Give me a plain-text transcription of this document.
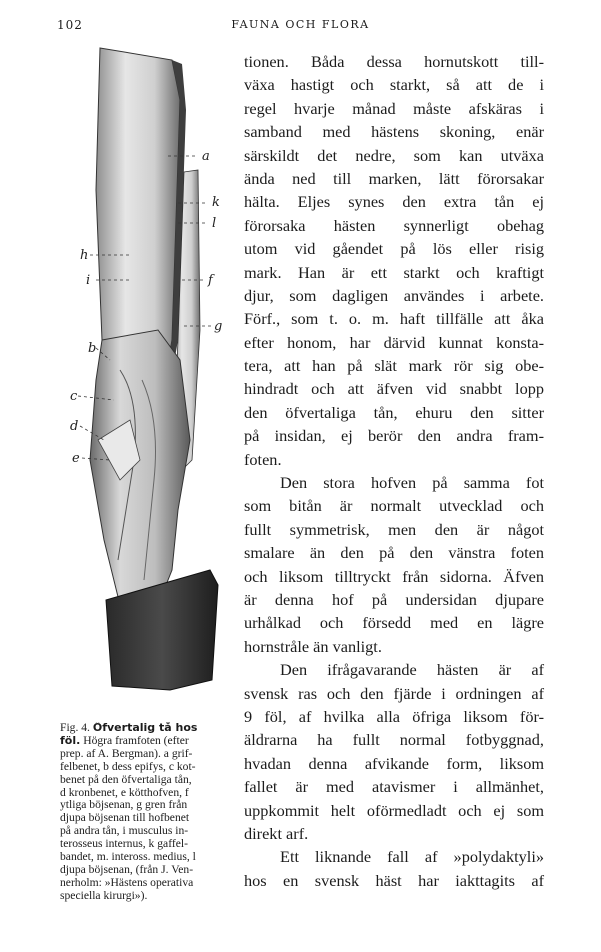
102	FAUNA OCH FLORA
a
k
l
h
i	f
g
b
c
d
e
Fig. 4. Öfvertalig tå hos
föl. Högra framfoten (efter
prep. af A. Bergman). a grif-
felbenet, b dess epifys, c kot-
benet på den öfvertaliga tån,
d kronbenet, e kötthofven, f
ytliga böjsenan, g gren från
djupa böjsenan till hofbenet
på andra tån, i musculus in-
terosseus internus, k gaffel-
bandet, m. inteross. medius, l
djupa böjsenan, (från J. Ven-
nerholm: »Hästens operativa
speciella kirurgi»).
tionen. Båda dessa hornutskott till-
växa hastigt och starkt, så att de i
regel hvarje månad måste afskäras i
samband med hästens skoning, enär
särskildt det nedre, som kan utväxa
ända ned till marken, lätt förorsakar
hälta. Eljes synes den extra tån ej
förorsaka hästen synnerligt obehag
utom vid gåendet på lös eller risig
mark. Han är ett starkt och kraftigt
djur, som dagligen användes i arbete.
Förf., som t. o. m. haft tillfälle att åka
efter honom, har därvid kunnat konsta-
tera, att han på slät mark rör sig obe-
hindradt och att äfven vid snabbt lopp
den öfvertaliga tån, ehuru den sitter
på insidan, ej berör den andra fram-
foten.
Den stora hofven på samma fot
som bitån är normalt utvecklad och
fullt symmetrisk, men den är något
smalare än den på den vänstra foten
och liksom tilltryckt från sidorna. Äfven
är denna hof på undersidan djupare
urhålkad och försedd med en lägre
hornstråle än vanligt.
Den ifrågavarande hästen är af
svensk ras och den fjärde i ordningen af
9 föl, af hvilka alla öfriga liksom för-
äldrarna ha fullt normal fotbyggnad,
hvadan denna afvikande form, liksom
fallet är med atavismer i allmänhet,
uppkommit helt oförmedladt och ej som
direkt arf.
Ett liknande fall af »polydaktyli»
hos en svensk häst har iakttagits af
